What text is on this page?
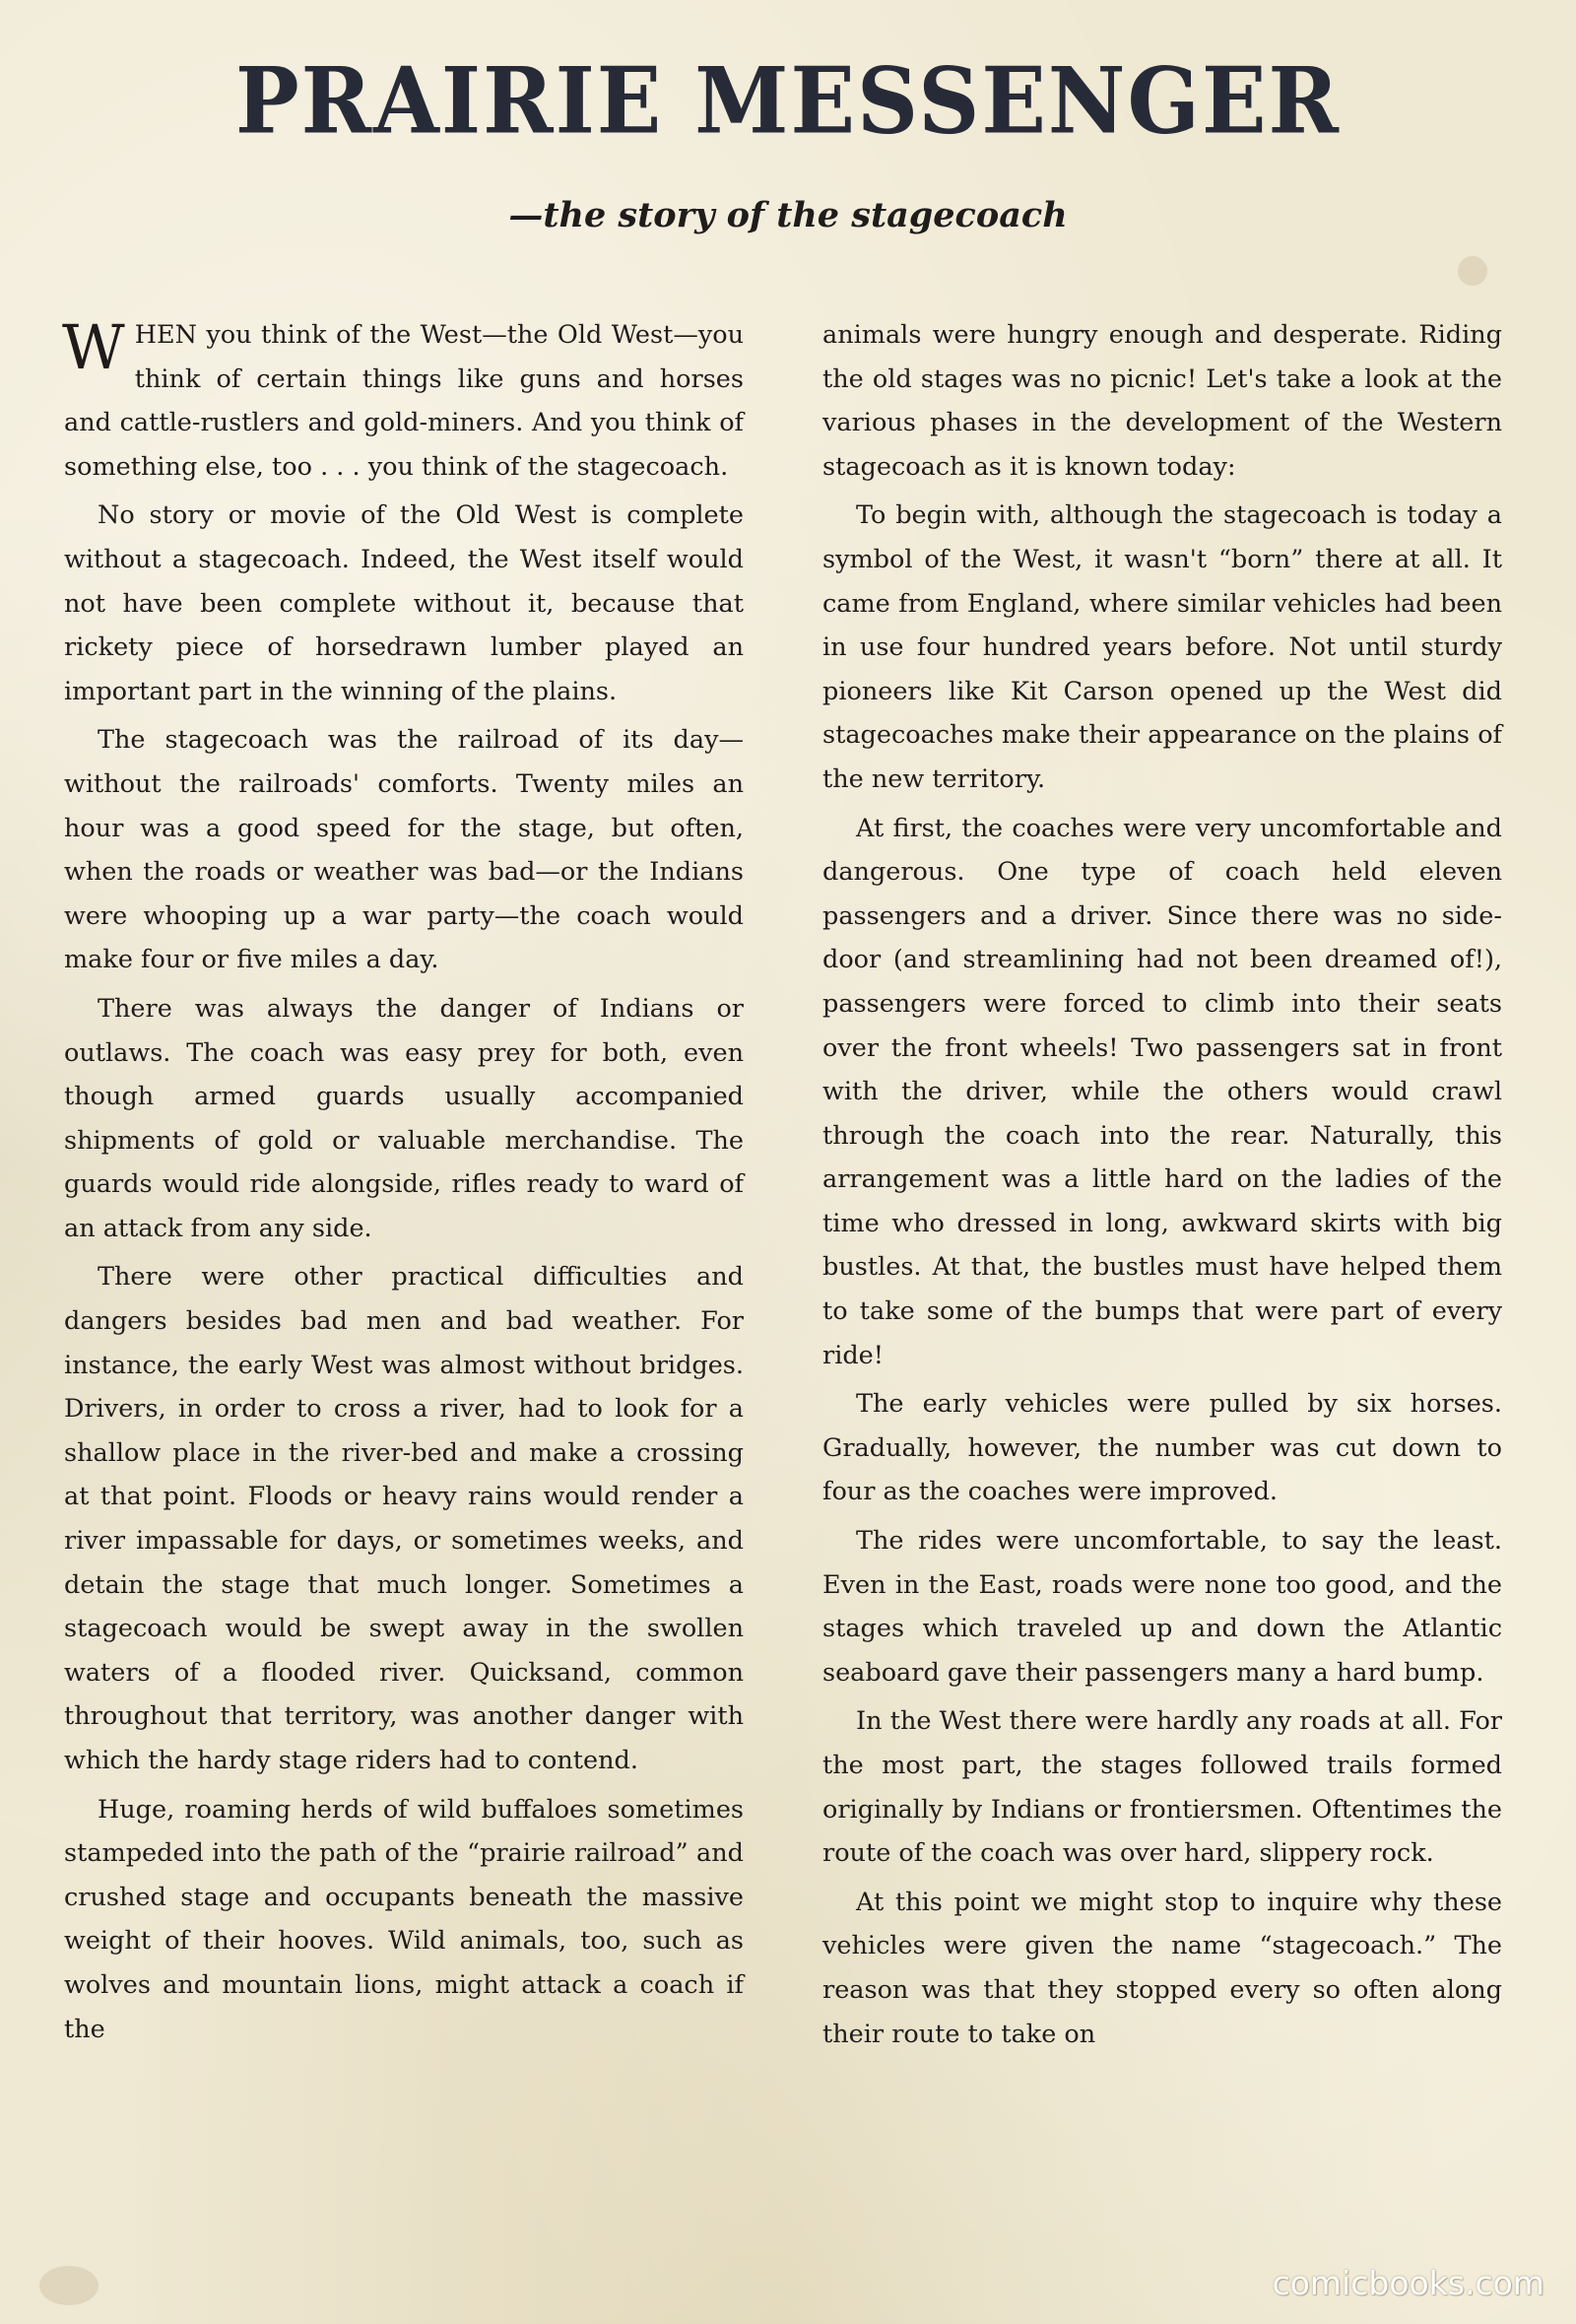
PRAIRIE MESSENGER
—the story of the stagecoach

WHEN you think of the West—the Old West—you think of certain things like guns and horses and cattle-rustlers and gold-miners. And you think of something else, too . . . you think of the stagecoach.

No story or movie of the Old West is complete without a stagecoach. Indeed, the West itself would not have been complete without it, because that rickety piece of horsedrawn lumber played an important part in the winning of the plains.

The stagecoach was the railroad of its day—without the railroads' comforts. Twenty miles an hour was a good speed for the stage, but often, when the roads or weather was bad—or the Indians were whooping up a war party—the coach would make four or five miles a day.

There was always the danger of Indians or outlaws. The coach was easy prey for both, even though armed guards usually accompanied shipments of gold or valuable merchandise. The guards would ride alongside, rifles ready to ward of an attack from any side.

There were other practical difficulties and dangers besides bad men and bad weather. For instance, the early West was almost without bridges. Drivers, in order to cross a river, had to look for a shallow place in the river-bed and make a crossing at that point. Floods or heavy rains would render a river impassable for days, or sometimes weeks, and detain the stage that much longer. Sometimes a stagecoach would be swept away in the swollen waters of a flooded river. Quicksand, common throughout that territory, was another danger with which the hardy stage riders had to contend.

Huge, roaming herds of wild buffaloes sometimes stampeded into the path of the “prairie railroad” and crushed stage and occupants beneath the massive weight of their hooves. Wild animals, too, such as wolves and mountain lions, might attack a coach if the

animals were hungry enough and desperate. Riding the old stages was no picnic! Let's take a look at the various phases in the development of the Western stagecoach as it is known today:

To begin with, although the stagecoach is today a symbol of the West, it wasn't “born” there at all. It came from England, where similar vehicles had been in use four hundred years before. Not until sturdy pioneers like Kit Carson opened up the West did stagecoaches make their appearance on the plains of the new territory.

At first, the coaches were very uncomfortable and dangerous. One type of coach held eleven passengers and a driver. Since there was no side-door (and streamlining had not been dreamed of!), passengers were forced to climb into their seats over the front wheels! Two passengers sat in front with the driver, while the others would crawl through the coach into the rear. Naturally, this arrangement was a little hard on the ladies of the time who dressed in long, awkward skirts with big bustles. At that, the bustles must have helped them to take some of the bumps that were part of every ride!

The early vehicles were pulled by six horses. Gradually, however, the number was cut down to four as the coaches were improved.

The rides were uncomfortable, to say the least. Even in the East, roads were none too good, and the stages which traveled up and down the Atlantic seaboard gave their passengers many a hard bump.

In the West there were hardly any roads at all. For the most part, the stages followed trails formed originally by Indians or frontiersmen. Oftentimes the route of the coach was over hard, slippery rock.

At this point we might stop to inquire why these vehicles were given the name “stagecoach.” The reason was that they stopped every so often along their route to take on

comicbooks.com
